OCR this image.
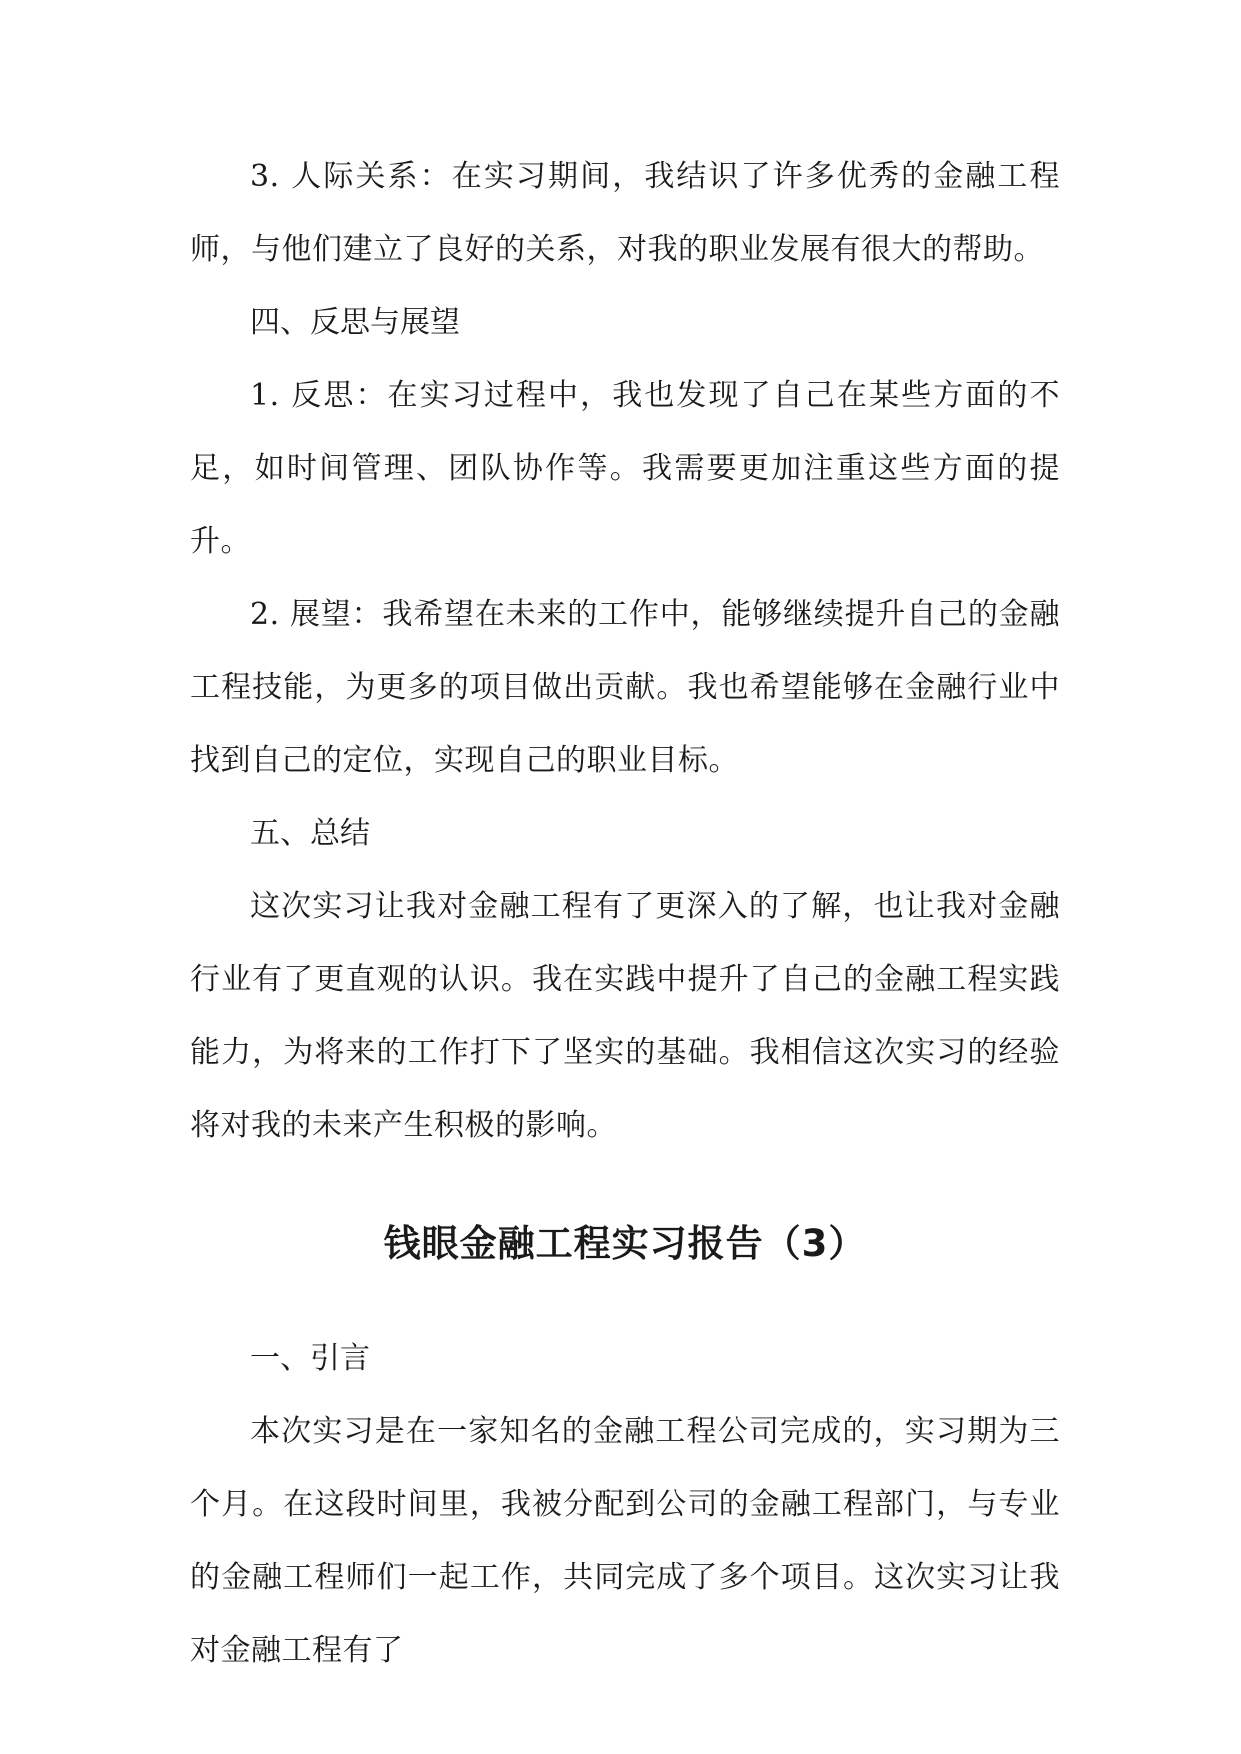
3. 人际关系：在实习期间，我结识了许多优秀的金融工程师，与他们建立了良好的关系，对我的职业发展有很大的帮助。

四、反思与展望

1. 反思：在实习过程中，我也发现了自己在某些方面的不足，如时间管理、团队协作等。我需要更加注重这些方面的提升。

2. 展望：我希望在未来的工作中，能够继续提升自己的金融工程技能，为更多的项目做出贡献。我也希望能够在金融行业中找到自己的定位，实现自己的职业目标。

五、总结

这次实习让我对金融工程有了更深入的了解，也让我对金融行业有了更直观的认识。我在实践中提升了自己的金融工程实践能力，为将来的工作打下了坚实的基础。我相信这次实习的经验将对我的未来产生积极的影响。

钱眼金融工程实习报告（3）

一、引言

本次实习是在一家知名的金融工程公司完成的，实习期为三个月。在这段时间里，我被分配到公司的金融工程部门，与专业的金融工程师们一起工作，共同完成了多个项目。这次实习让我对金融工程有了
